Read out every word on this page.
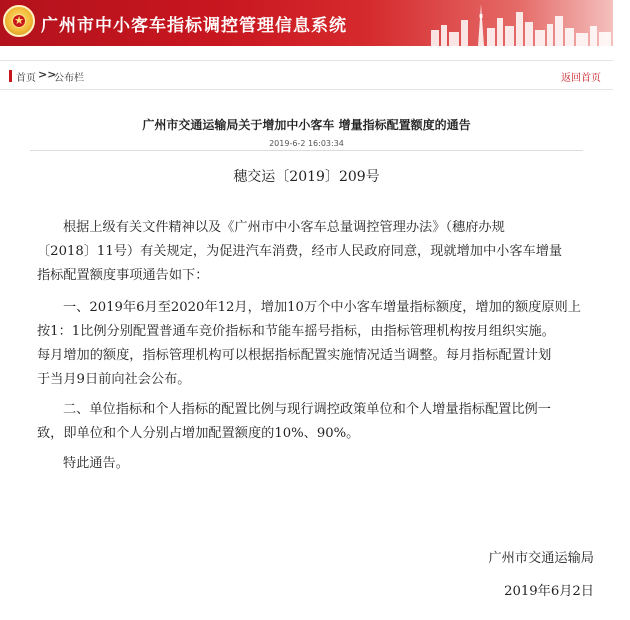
★	广州市中小客车指标调控管理信息系统
首页 >>
公布栏	返回首页
广州市交通运输局关于增加中小客车 增量指标配置额度的通告
2019-6-2 16:03:34
穗交运〔2019〕209号
根据上级有关文件精神以及《广州市中小客车总量调控管理办法》（穗府办规
〔2018〕11号）有关规定，为促进汽车消费，经市人民政府同意，现就增加中小客车增量
指标配置额度事项通告如下：
一、2019年6月至2020年12月，增加10万个中小客车增量指标额度，增加的额度原则上
按1：1比例分别配置普通车竞价指标和节能车摇号指标，由指标管理机构按月组织实施。
每月增加的额度，指标管理机构可以根据指标配置实施情况适当调整。每月指标配置计划
于当月9日前向社会公布。
二、单位指标和个人指标的配置比例与现行调控政策单位和个人增量指标配置比例一
致，即单位和个人分别占增加配置额度的10%、90%。
特此通告。
广州市交通运输局
2019年6月2日
